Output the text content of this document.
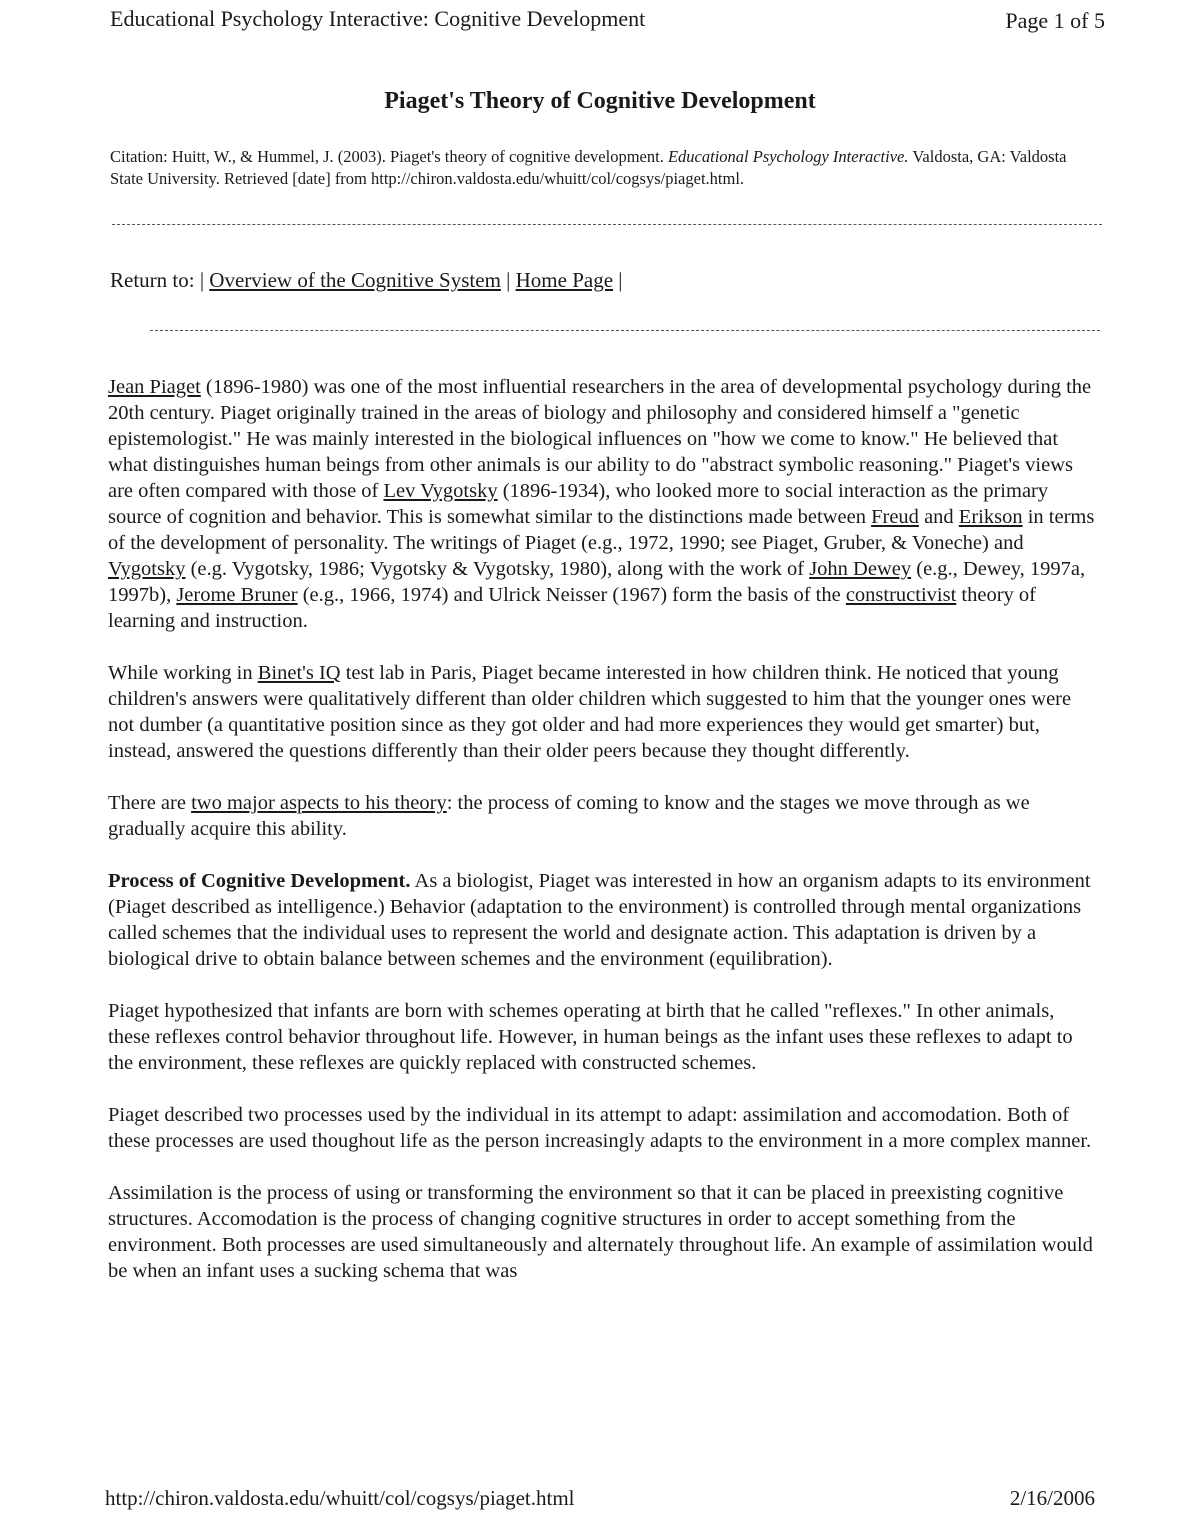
Educational Psychology Interactive: Cognitive Development	Page 1 of 5
Piaget's Theory of Cognitive Development
Citation: Huitt, W., & Hummel, J. (2003). Piaget's theory of cognitive development. Educational Psychology Interactive. Valdosta, GA: Valdosta State University. Retrieved [date] from http://chiron.valdosta.edu/whuitt/col/cogsys/piaget.html.
Return to: | Overview of the Cognitive System | Home Page |

Jean Piaget (1896-1980) was one of the most influential researchers in the area of developmental psychology during the 20th century. Piaget originally trained in the areas of biology and philosophy and considered himself a "genetic epistemologist." He was mainly interested in the biological influences on "how we come to know." He believed that what distinguishes human beings from other animals is our ability to do "abstract symbolic reasoning." Piaget's views are often compared with those of Lev Vygotsky (1896-1934), who looked more to social interaction as the primary source of cognition and behavior. This is somewhat similar to the distinctions made between Freud and Erikson in terms of the development of personality. The writings of Piaget (e.g., 1972, 1990; see Piaget, Gruber, & Voneche) and Vygotsky (e.g. Vygotsky, 1986; Vygotsky & Vygotsky, 1980), along with the work of John Dewey (e.g., Dewey, 1997a, 1997b), Jerome Bruner (e.g., 1966, 1974) and Ulrick Neisser (1967) form the basis of the constructivist theory of learning and instruction.

While working in Binet's IQ test lab in Paris, Piaget became interested in how children think. He noticed that young children's answers were qualitatively different than older children which suggested to him that the younger ones were not dumber (a quantitative position since as they got older and had more experiences they would get smarter) but, instead, answered the questions differently than their older peers because they thought differently.

There are two major aspects to his theory: the process of coming to know and the stages we move through as we gradually acquire this ability.

Process of Cognitive Development. As a biologist, Piaget was interested in how an organism adapts to its environment (Piaget described as intelligence.) Behavior (adaptation to the environment) is controlled through mental organizations called schemes that the individual uses to represent the world and designate action. This adaptation is driven by a biological drive to obtain balance between schemes and the environment (equilibration).

Piaget hypothesized that infants are born with schemes operating at birth that he called "reflexes." In other animals, these reflexes control behavior throughout life. However, in human beings as the infant uses these reflexes to adapt to the environment, these reflexes are quickly replaced with constructed schemes.

Piaget described two processes used by the individual in its attempt to adapt: assimilation and accomodation. Both of these processes are used thoughout life as the person increasingly adapts to the environment in a more complex manner.

Assimilation is the process of using or transforming the environment so that it can be placed in preexisting cognitive structures. Accomodation is the process of changing cognitive structures in order to accept something from the environment. Both processes are used simultaneously and alternately throughout life. An example of assimilation would be when an infant uses a sucking schema that was

http://chiron.valdosta.edu/whuitt/col/cogsys/piaget.html	2/16/2006
